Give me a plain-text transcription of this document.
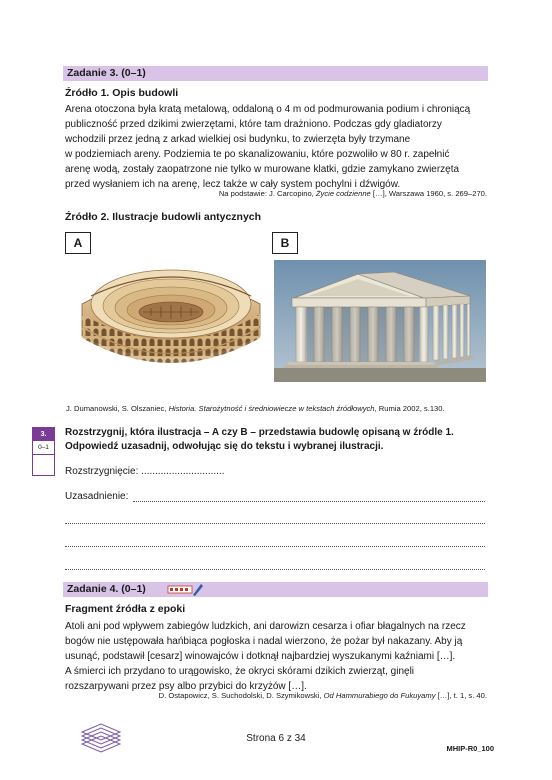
Zadanie 3. (0–1)
Źródło 1. Opis budowli
Arena otoczona była kratą metalową, oddaloną o 4 m od podmurowania podium i chroniącą
publiczność przed dzikimi zwierzętami, które tam drażniono. Podczas gdy gladiatorzy
wchodzili przez jedną z arkad wielkiej osi budynku, to zwierzęta były trzymane
w podziemiach areny. Podziemia te po skanalizowaniu, które pozwoliło w 80 r. zapełnić
arenę wodą, zostały zaopatrzone nie tylko w murowane klatki, gdzie zamykano zwierzęta
przed wysłaniem ich na arenę, lecz także w cały system pochylni i dźwigów.
Na podstawie: J. Carcopino, Życie codzienne […], Warszawa 1960, s. 269–270.
Źródło 2. Ilustracje budowli antycznych
A	B
J. Dumanowski, S. Olszaniec, Historia. Starożytność i średniowiecze w tekstach źródłowych, Rumia 2002, s.130.
3.
0–1
Rozstrzygnij, która ilustracja – A czy B – przedstawia budowlę opisaną w źródle 1.
Odpowiedź uzasadnij, odwołując się do tekstu i wybranej ilustracji.
Rozstrzygnięcie: ..............................
Uzasadnienie:
Zadanie 4. (0–1)
Fragment źródła z epoki
Atoli ani pod wpływem zabiegów ludzkich, ani darowizn cesarza i ofiar błagalnych na rzecz
bogów nie ustępowała hańbiąca pogłoska i nadal wierzono, że pożar był nakazany. Aby ją
usunąć, podstawił [cesarz] winowajców i dotknął najbardziej wyszukanymi kaźniami […].
A śmierci ich przydano to urągowisko, że okryci skórami dzikich zwierząt, ginęli
rozszarpywani przez psy albo przybici do krzyżów […].
D. Ostapowicz, S. Suchodolski, D. Szymikowski, Od Hammurabiego do Fukuyamy […], t. 1, s. 40.
Strona 6 z 34
MHIP-R0_100
